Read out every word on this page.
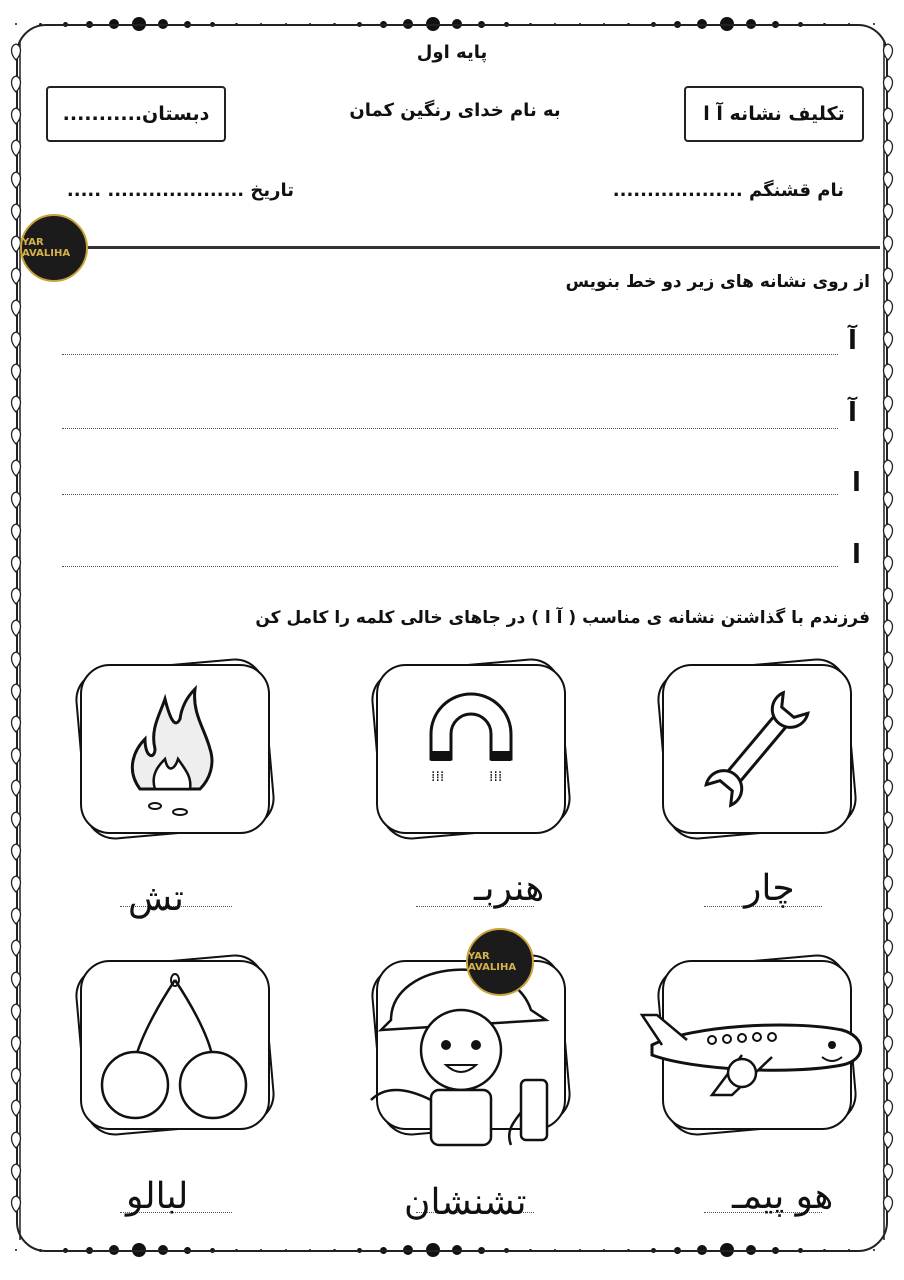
پایه اول
تکلیف نشانه آ ا
به نام خدای رنگین کمان
دبستان...........
نام قشنگم ...................
تاریخ .................... .....
YAR AVALIHA
از روی نشانه های زیر دو خط بنویس
آ
آ
ا
ا
فرزندم با گذاشتن نشانه ی مناسب ( آ ا ) در جاهای خالی کلمه را کامل کن
⁞⁞⁞	⁞⁞⁞
چار
هنربـ
تش
YAR AVALIHA
هو پیمـ
تشنشان
لبالو
